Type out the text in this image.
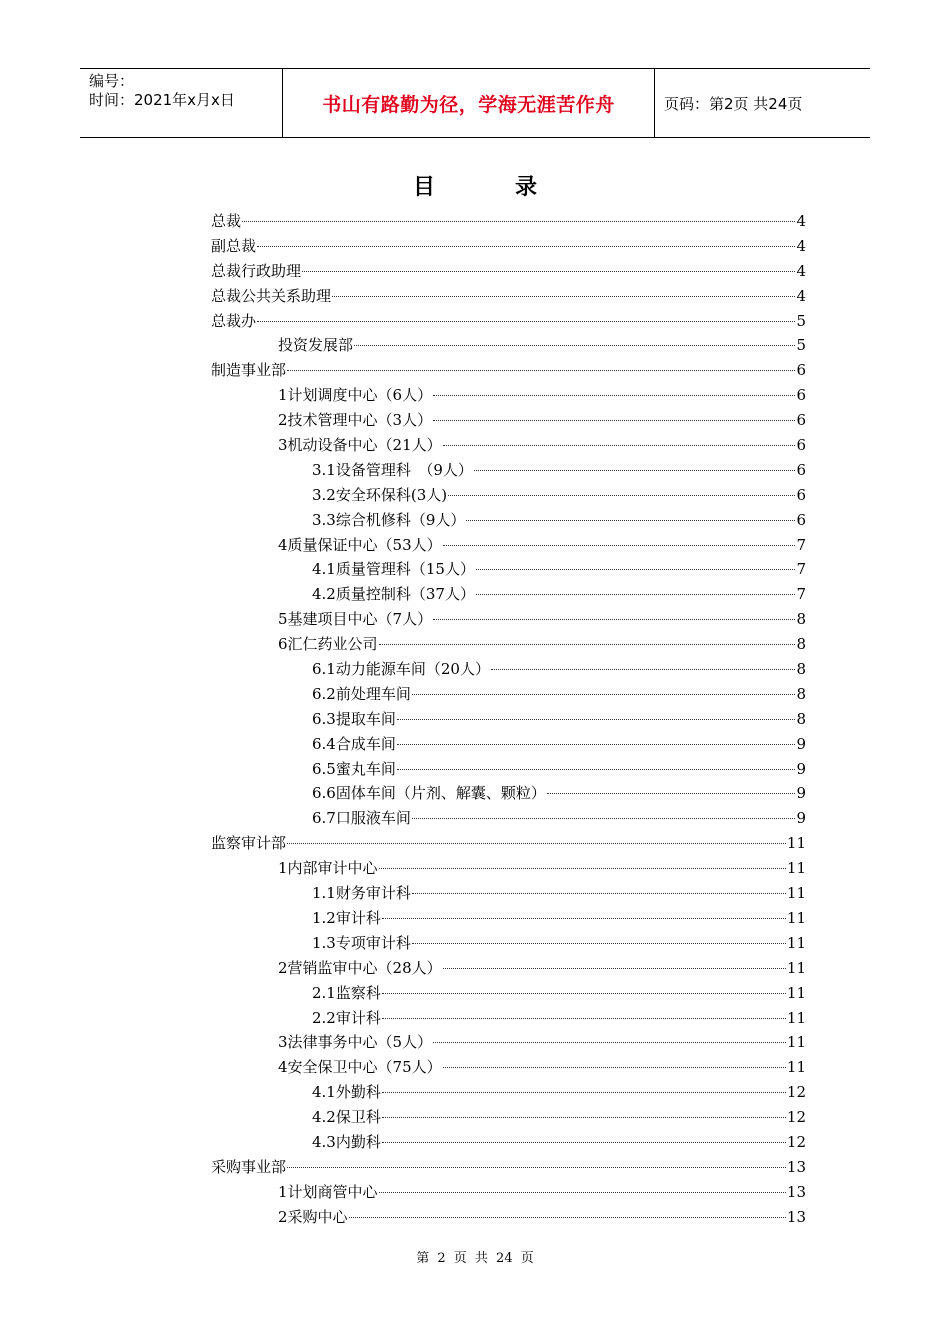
编号：
时间：2021年x月x日	书山有路勤为径，学海无涯苦作舟	页码：第2页 共24页
目	录
总裁	4
副总裁	4
总裁行政助理	4
总裁公共关系助理	4
总裁办	5
投资发展部	5
制造事业部	6
1计划调度中心（6人）	6
2技术管理中心（3人）	6
3机动设备中心（21人）	6
3.1设备管理科　（9人）	6
3.2安全环保科(3人)	6
3.3综合机修科（9人）	6
4质量保证中心（53人）	7
4.1质量管理科（15人）	7
4.2质量控制科（37人）	7
5基建项目中心（7人）	8
6汇仁药业公司	8
6.1动力能源车间（20人）	8
6.2前处理车间	8
6.3提取车间	8
6.4合成车间	9
6.5蜜丸车间	9
6.6固体车间（片剂、解囊、颗粒）	9
6.7口服液车间	9
监察审计部	11
1内部审计中心	11
1.1财务审计科	11
1.2审计科	11
1.3专项审计科	11
2营销监审中心（28人）	11
2.1监察科	11
2.2审计科	11
3法律事务中心（5人）	11
4安全保卫中心（75人）	11
4.1外勤科	12
4.2保卫科	12
4.3内勤科	12
采购事业部	13
1计划商管中心	13
2采购中心	13
第 2 页 共 24 页
